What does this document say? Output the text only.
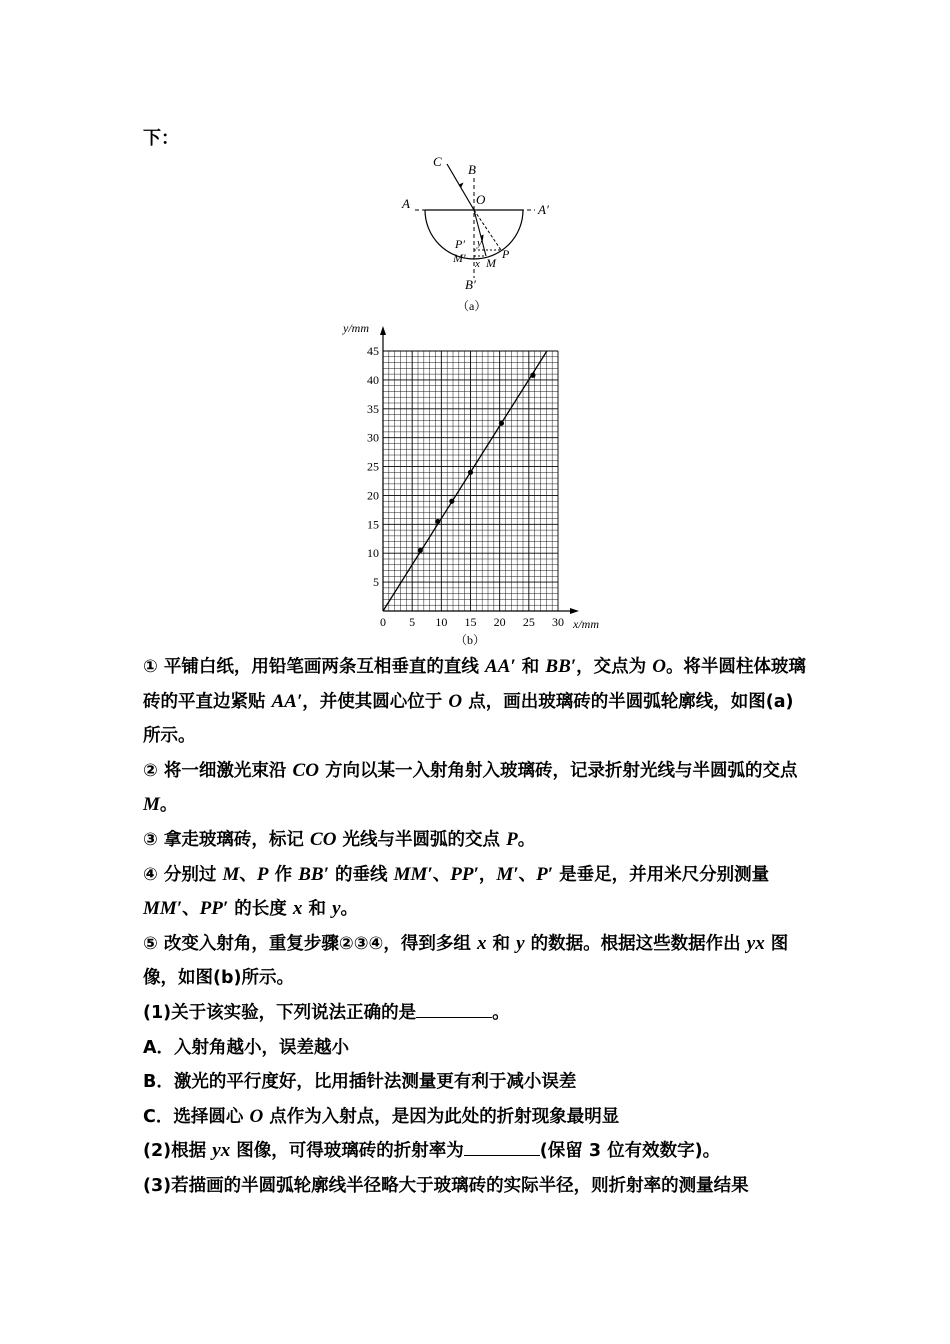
下：
C
B
O
A	A′
P′ y
M′ x M
P
B′
（a）
0 5 10 15 20 25 30
5
10
15
20
25
30
35
40
45
y/mm
x/mm
（b）

① 平铺白纸，用铅笔画两条互相垂直的直线 AA′ 和 BB′，交点为 O。将半圆柱体玻璃砖的平直边紧贴 AA′，并使其圆心位于 O 点，画出玻璃砖的半圆弧轮廓线，如图(a)所示。

② 将一细激光束沿 CO 方向以某一入射角射入玻璃砖，记录折射光线与半圆弧的交点 M。

③ 拿走玻璃砖，标记 CO 光线与半圆弧的交点 P。

④ 分别过 M、P 作 BB′ 的垂线 MM′、PP′，M′、P′ 是垂足，并用米尺分别测量 MM′、PP′ 的长度 x 和 y。

⑤ 改变入射角，重复步骤②③④，得到多组 x 和 y 的数据。根据这些数据作出 yx 图像，如图(b)所示。

(1)关于该实验，下列说法正确的是	。

A．入射角越小，误差越小

B．激光的平行度好，比用插针法测量更有利于减小误差

C．选择圆心 O 点作为入射点，是因为此处的折射现象最明显

(2)根据 yx 图像，可得玻璃砖的折射率为	(保留 3 位有效数字)。

(3)若描画的半圆弧轮廓线半径略大于玻璃砖的实际半径，则折射率的测量结果
